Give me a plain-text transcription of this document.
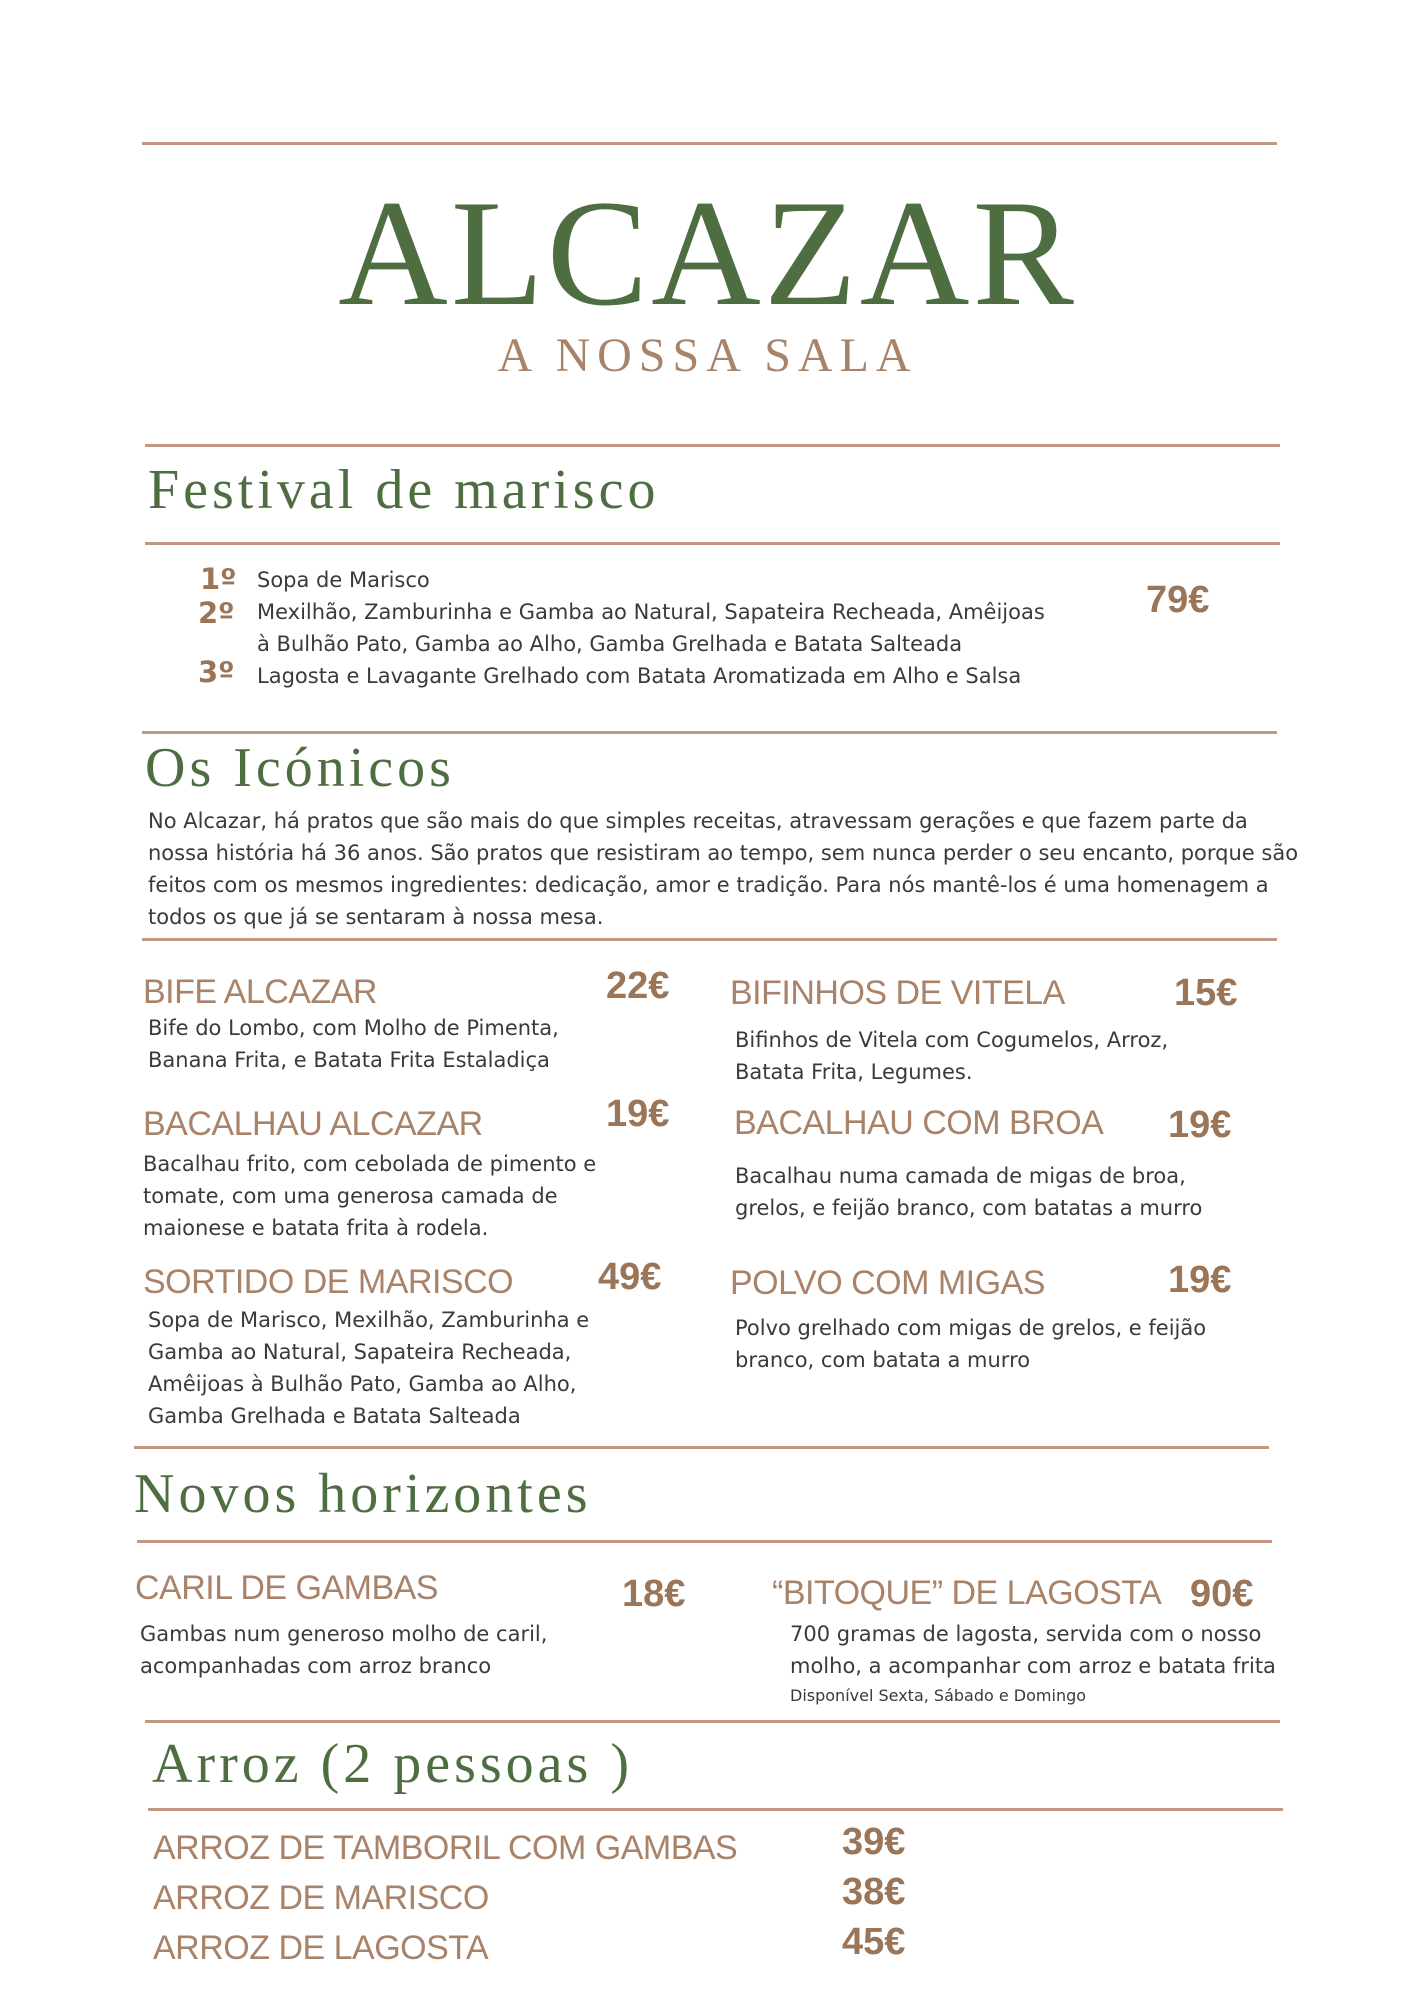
ALCAZAR
A NOSSA SALA
Festival de marisco
1º Sopa de Marisco
2º Mexilhão, Zamburinha e Gamba ao Natural, Sapateira Recheada, Amêijoas
à Bulhão Pato, Gamba ao Alho, Gamba Grelhada e Batata Salteada
3º Lagosta e Lavagante Grelhado com Batata Aromatizada em Alho e Salsa
79€
Os Icónicos
No Alcazar, há pratos que são mais do que simples receitas, atravessam gerações e que fazem parte da
nossa história há 36 anos. São pratos que resistiram ao tempo, sem nunca perder o seu encanto, porque são
feitos com os mesmos ingredientes: dedicação, amor e tradição. Para nós mantê-los é uma homenagem a
todos os que já se sentaram à nossa mesa.
BIFE ALCAZAR	22€
Bife do Lombo, com Molho de Pimenta,
Banana Frita, e Batata Frita Estaladiça
BIFINHOS DE VITELA	15€
Bifinhos de Vitela com Cogumelos, Arroz,
Batata Frita, Legumes.
BACALHAU ALCAZAR	19€
Bacalhau frito, com cebolada de pimento e
tomate, com uma generosa camada de
maionese e batata frita à rodela.
BACALHAU COM BROA 19€
Bacalhau numa camada de migas de broa,
grelos, e feijão branco, com batatas a murro
SORTIDO DE MARISCO 49€
Sopa de Marisco, Mexilhão, Zamburinha e
Gamba ao Natural, Sapateira Recheada,
Amêijoas à Bulhão Pato, Gamba ao Alho,
Gamba Grelhada e Batata Salteada
POLVO COM MIGAS	19€
Polvo grelhado com migas de grelos, e feijão
branco, com batata a murro
Novos horizontes
CARIL DE GAMBAS	18€
Gambas num generoso molho de caril,
acompanhadas com arroz branco
“BITOQUE” DE LAGOSTA 90€
700 gramas de lagosta, servida com o nosso
molho, a acompanhar com arroz e batata frita
Disponível Sexta, Sábado e Domingo
Arroz (2 pessoas )
ARROZ DE TAMBORIL COM GAMBAS	39€
ARROZ DE MARISCO	38€
ARROZ DE LAGOSTA	45€
